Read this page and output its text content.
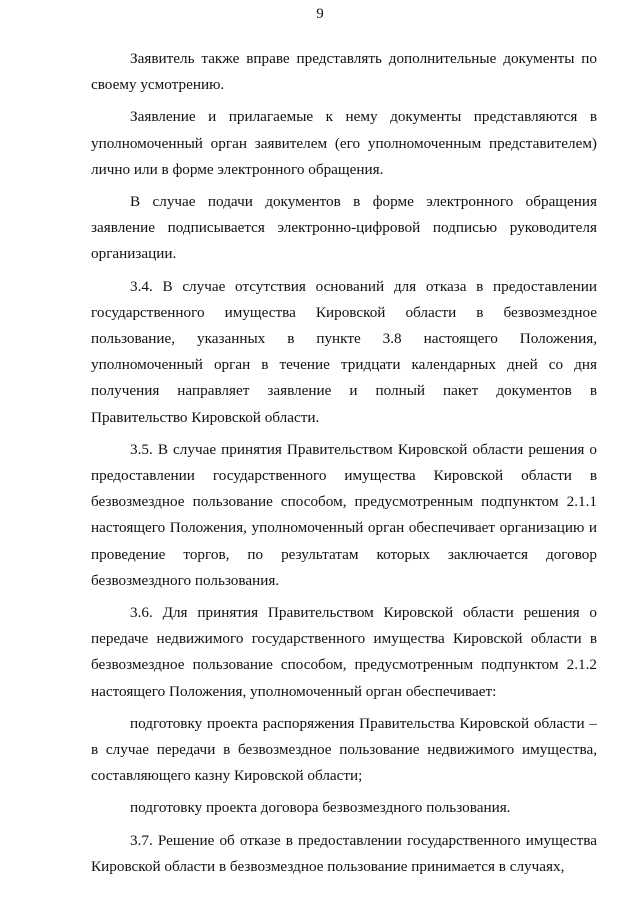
9

Заявитель также вправе представлять дополнительные документы по своему усмотрению.

Заявление и прилагаемые к нему документы представляются в уполномоченный орган заявителем (его уполномоченным представителем) лично или в форме электронного обращения.

В случае подачи документов в форме электронного обращения заявление подписывается электронно-цифровой подписью руководителя организации.

3.4. В случае отсутствия оснований для отказа в предоставлении государственного имущества Кировской области в безвозмездное пользование, указанных в пункте 3.8 настоящего Положения, уполномоченный орган в течение тридцати календарных дней со дня получения направляет заявление и полный пакет документов в Правительство Кировской области.

3.5. В случае принятия Правительством Кировской области решения о предоставлении государственного имущества Кировской области в безвозмездное пользование способом, предусмотренным подпунктом 2.1.1 настоящего Положения, уполномоченный орган обеспечивает организацию и проведение торгов, по результатам которых заключается договор безвозмездного пользования.

3.6. Для принятия Правительством Кировской области решения о передаче недвижимого государственного имущества Кировской области в безвозмездное пользование способом, предусмотренным подпунктом 2.1.2 настоящего Положения, уполномоченный орган обеспечивает:

подготовку проекта распоряжения Правительства Кировской области – в случае передачи в безвозмездное пользование недвижимого имущества, составляющего казну Кировской области;

подготовку проекта договора безвозмездного пользования.

3.7. Решение об отказе в предоставлении государственного имущества Кировской области в безвозмездное пользование принимается в случаях,
